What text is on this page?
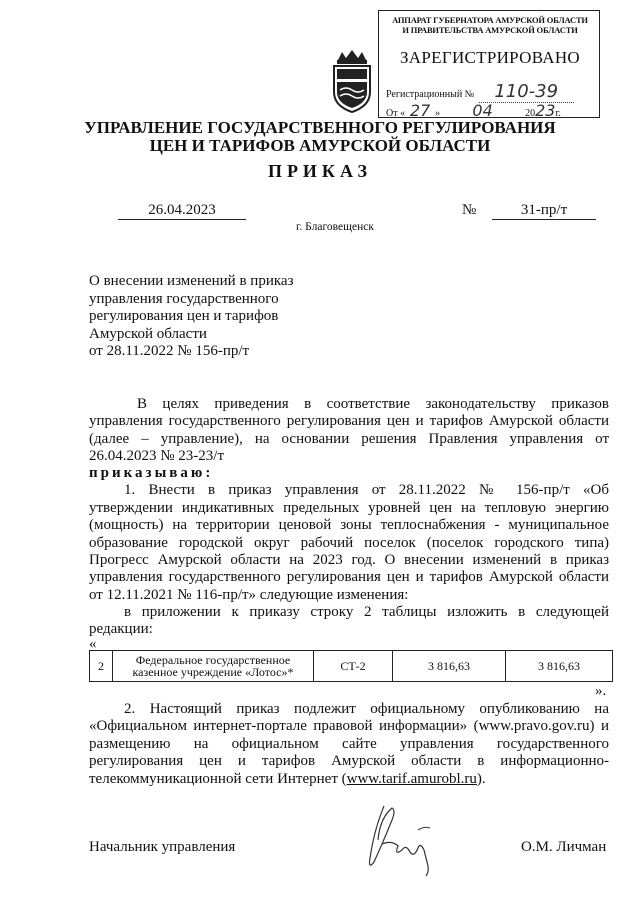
АППАРАТ ГУБЕРНАТОРА АМУРСКОЙ ОБЛАСТИ
И ПРАВИТЕЛЬСТВА АМУРСКОЙ ОБЛАСТИ
ЗАРЕГИСТРИРОВАНО
Регистрационный № 110-39
От « 27 » 04	2023г.
УПРАВЛЕНИЕ ГОСУДАРСТВЕННОГО РЕГУЛИРОВАНИЯ
ЦЕН И ТАРИФОВ АМУРСКОЙ ОБЛАСТИ
ПРИКАЗ
26.04.2023	№	31-пр/т
г. Благовещенск
О внесении изменений в приказ
управления государственного
регулирования цен и тарифов
Амурской области
от 28.11.2022 № 156-пр/т
В целях приведения в соответствие законодательству приказов
управления государственного регулирования цен и тарифов Амурской области
(далее – управление), на основании решения Правления управления от
26.04.2023 № 23-23/т
приказываю:
1. Внести в приказ управления от 28.11.2022 № 156-пр/т «Об
утверждении индикативных предельных уровней цен на тепловую энергию
(мощность) на территории ценовой зоны теплоснабжения - муниципальное
образование городской округ рабочий поселок (поселок городского типа)
Прогресс Амурской области на 2023 год. О внесении изменений в приказ
управления государственного регулирования цен и тарифов Амурской области
от 12.11.2021 № 116-пр/т» следующие изменения:
в приложении к приказу строку 2 таблицы изложить в следующей
редакции:
«
2	Федеральное государственное казенное учреждение «Лотос»*	СТ-2	3 816,63	3 816,63
».
2. Настоящий приказ подлежит официальному опубликованию на
«Официальном интернет-портале правовой информации» (www.pravo.gov.ru) и
размещению на официальном сайте управления государственного
регулирования цен и тарифов Амурской области в информационно-
телекоммуникационной сети Интернет (www.tarif.amurobl.ru).
Начальник управления	О.М. Личман
